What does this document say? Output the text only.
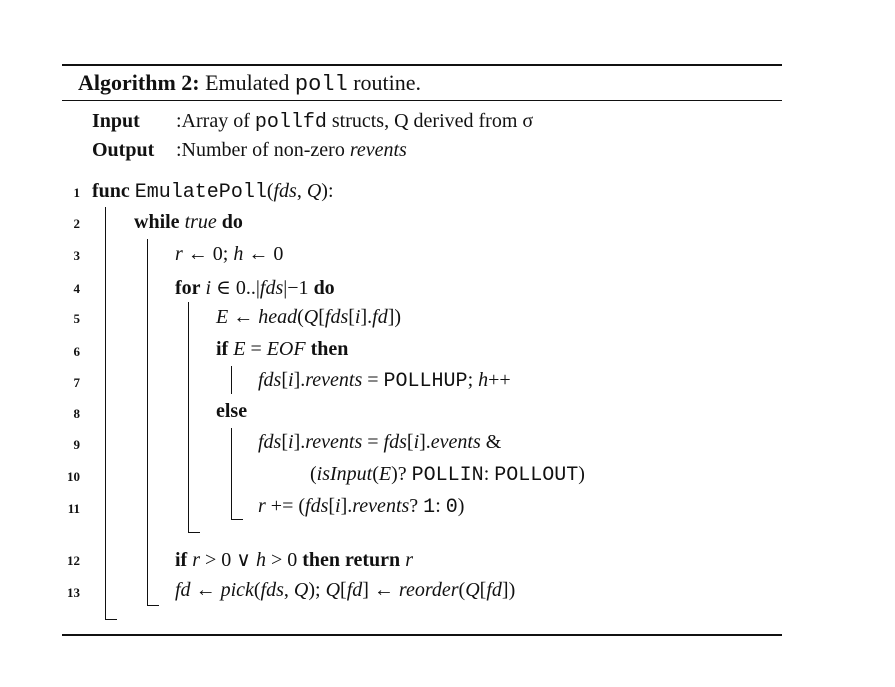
Algorithm 2: Emulated poll routine.
Input :Array of pollfd structs, Q derived from σ
Output :Number of non-zero revents
1
2
3
4
5
6
7
8
9
10
11
12
13
func EmulatePoll(fds, Q):
while true do
r ← 0; h ← 0
for i ∈ 0..|fds|−1 do
E ← head(Q[fds[i].fd])
if E = EOF then
fds[i].revents = POLLHUP; h++
else
fds[i].revents = fds[i].events &
(isInput(E)? POLLIN: POLLOUT)
r += (fds[i].revents? 1: 0)
if r > 0 ∨ h > 0 then return r
fd ← pick(fds, Q); Q[fd] ← reorder(Q[fd])
